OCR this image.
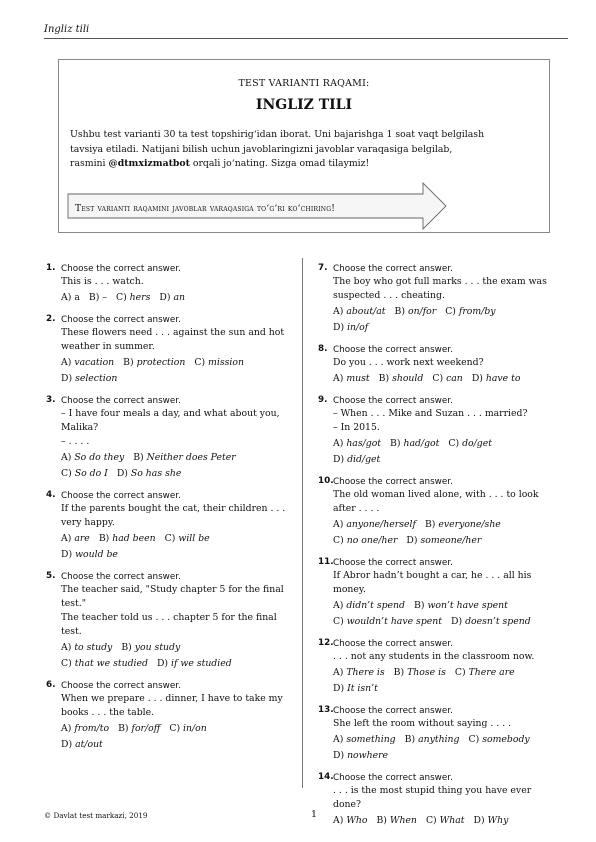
Ingliz tili
TEST VARIANTI RAQAMI:
INGLIZ TILI
Ushbu test varianti 30 ta test topshirig‘idan iborat. Uni bajarishga 1 soat vaqt belgilash tavsiya etiladi. Natijani bilish uchun javoblaringizni javoblar varaqasiga belgilab, rasmini @dtmxizmatbot orqali jo‘nating. Sizga omad tilaymiz!
Test varianti raqamini javoblar varaqasiga to‘g‘ri ko‘chiring!
1. Choose the correct answer.
This is . . . watch.
A) a B) – C) hers D) an
2. Choose the correct answer.
These flowers need . . . against the sun and hot weather in summer.
A) vacation B) protection C) mission
D) selection
3. Choose the correct answer.
– I have four meals a day, and what about you, Malika?
– . . . .
A) So do they B) Neither does Peter
C) So do I D) So has she
4. Choose the correct answer.
If the parents bought the cat, their children . . . very happy.
A) are B) had been C) will be
D) would be
5. Choose the correct answer.
The teacher said, "Study chapter 5 for the final test."
The teacher told us . . . chapter 5 for the final test.
A) to study B) you study
C) that we studied D) if we studied
6. Choose the correct answer.
When we prepare . . . dinner, I have to take my books . . . the table.
A) from/to B) for/off C) in/on
D) at/out
7. Choose the correct answer.
The boy who got full marks . . . the exam was suspected . . . cheating.
A) about/at B) on/for C) from/by
D) in/of
8. Choose the correct answer.
Do you . . . work next weekend?
A) must B) should C) can D) have to
9. Choose the correct answer.
– When . . . Mike and Suzan . . . married?
– In 2015.
A) has/got B) had/got C) do/get
D) did/get
10. Choose the correct answer.
The old woman lived alone, with . . . to look after . . . .
A) anyone/herself B) everyone/she
C) no one/her D) someone/her
11. Choose the correct answer.
If Abror hadn’t bought a car, he . . . all his money.
A) didn’t spend B) won’t have spent
C) wouldn’t have spent D) doesn’t spend
12. Choose the correct answer.
. . . not any students in the classroom now.
A) There is B) Those is C) There are
D) It isn’t
13. Choose the correct answer.
She left the room without saying . . . .
A) something B) anything C) somebody
D) nowhere
14. Choose the correct answer.
. . . is the most stupid thing you have ever done?
A) Who B) When C) What D) Why
© Davlat test markazi, 2019	1
